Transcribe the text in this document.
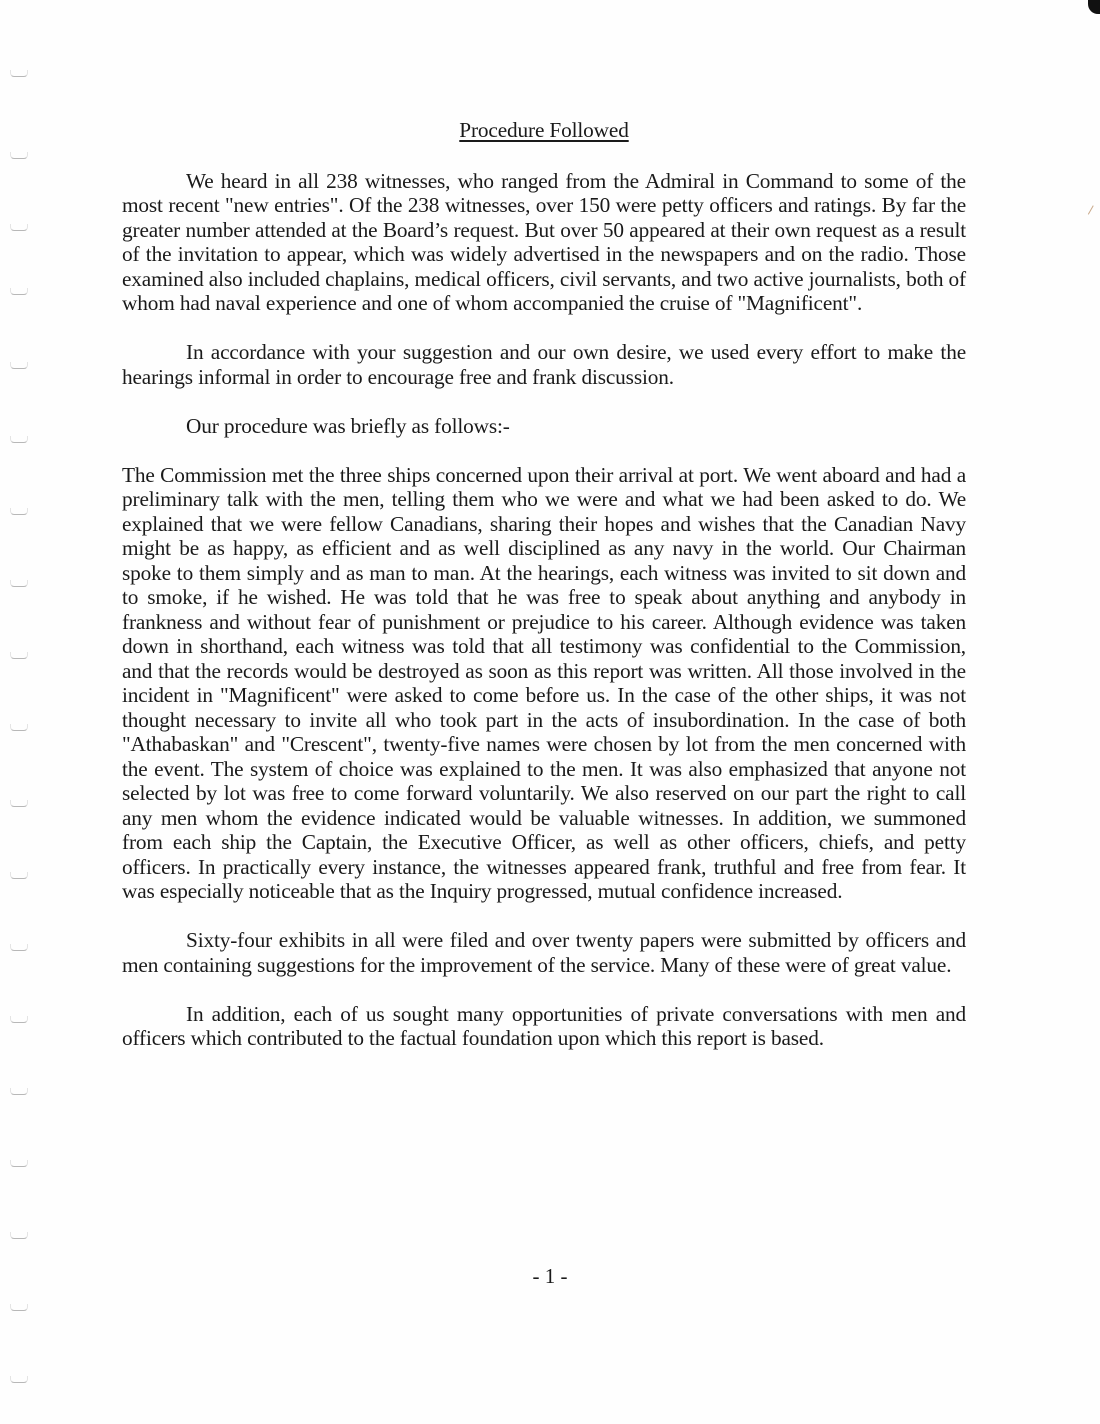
Procedure Followed

We heard in all 238 witnesses, who ranged from the Admiral in Command to some of the most recent "new entries". Of the 238 witnesses, over 150 were petty officers and ratings. By far the greater number attended at the Board’s request. But over 50 appeared at their own request as a result of the invitation to appear, which was widely advertised in the newspapers and on the radio. Those examined also included chaplains, medical officers, civil servants, and two active journalists, both of whom had naval experience and one of whom accompanied the cruise of "Magnificent".

In accordance with your suggestion and our own desire, we used every effort to make the hearings informal in order to encourage free and frank discussion.

Our procedure was briefly as follows:-

The Commission met the three ships concerned upon their arrival at port. We went aboard and had a preliminary talk with the men, telling them who we were and what we had been asked to do. We explained that we were fellow Canadians, sharing their hopes and wishes that the Canadian Navy might be as happy, as efficient and as well disciplined as any navy in the world. Our Chairman spoke to them simply and as man to man. At the hearings, each witness was invited to sit down and to smoke, if he wished. He was told that he was free to speak about anything and anybody in frankness and without fear of punishment or prejudice to his career. Although evidence was taken down in shorthand, each witness was told that all testimony was confidential to the Commission, and that the records would be destroyed as soon as this report was written. All those involved in the incident in "Magnificent" were asked to come before us. In the case of the other ships, it was not thought necessary to invite all who took part in the acts of insubordination. In the case of both "Athabaskan" and "Crescent", twenty-five names were chosen by lot from the men concerned with the event. The system of choice was explained to the men. It was also emphasized that anyone not selected by lot was free to come forward voluntarily. We also reserved on our part the right to call any men whom the evidence indicated would be valuable witnesses. In addition, we summoned from each ship the Captain, the Executive Officer, as well as other officers, chiefs, and petty officers. In practically every instance, the witnesses appeared frank, truthful and free from fear. It was especially noticeable that as the Inquiry progressed, mutual confidence increased.

Sixty-four exhibits in all were filed and over twenty papers were submitted by officers and men containing suggestions for the improvement of the service. Many of these were of great value.

In addition, each of us sought many opportunities of private conversations with men and officers which contributed to the factual foundation upon which this report is based.

- 1 -
